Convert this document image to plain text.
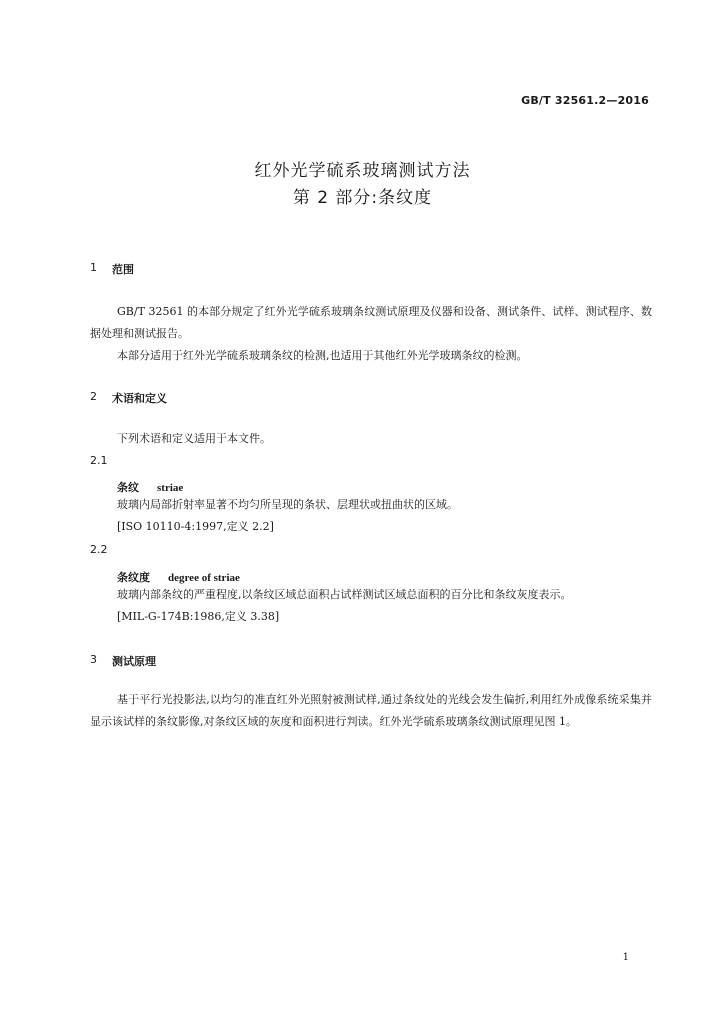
GB/T 32561.2—2016
红外光学硫系玻璃测试方法
第 2 部分:条纹度
1 范围
GB/T 32561 的本部分规定了红外光学硫系玻璃条纹测试原理及仪器和设备、测试条件、试样、测试程序、数据处理和测试报告。
本部分适用于红外光学硫系玻璃条纹的检测,也适用于其他红外光学玻璃条纹的检测。
2 术语和定义
下列术语和定义适用于本文件。
2.1
条纹 striae
玻璃内局部折射率显著不均匀所呈现的条状、层理状或扭曲状的区域。
[ISO 10110-4:1997,定义 2.2]
2.2
条纹度 degree of striae
玻璃内部条纹的严重程度,以条纹区域总面积占试样测试区域总面积的百分比和条纹灰度表示。
[MIL-G-174B:1986,定义 3.38]
3 测试原理
基于平行光投影法,以均匀的准直红外光照射被测试样,通过条纹处的光线会发生偏折,利用红外成像系统采集并显示该试样的条纹影像,对条纹区域的灰度和面积进行判读。红外光学硫系玻璃条纹测试原理见图 1。
1
